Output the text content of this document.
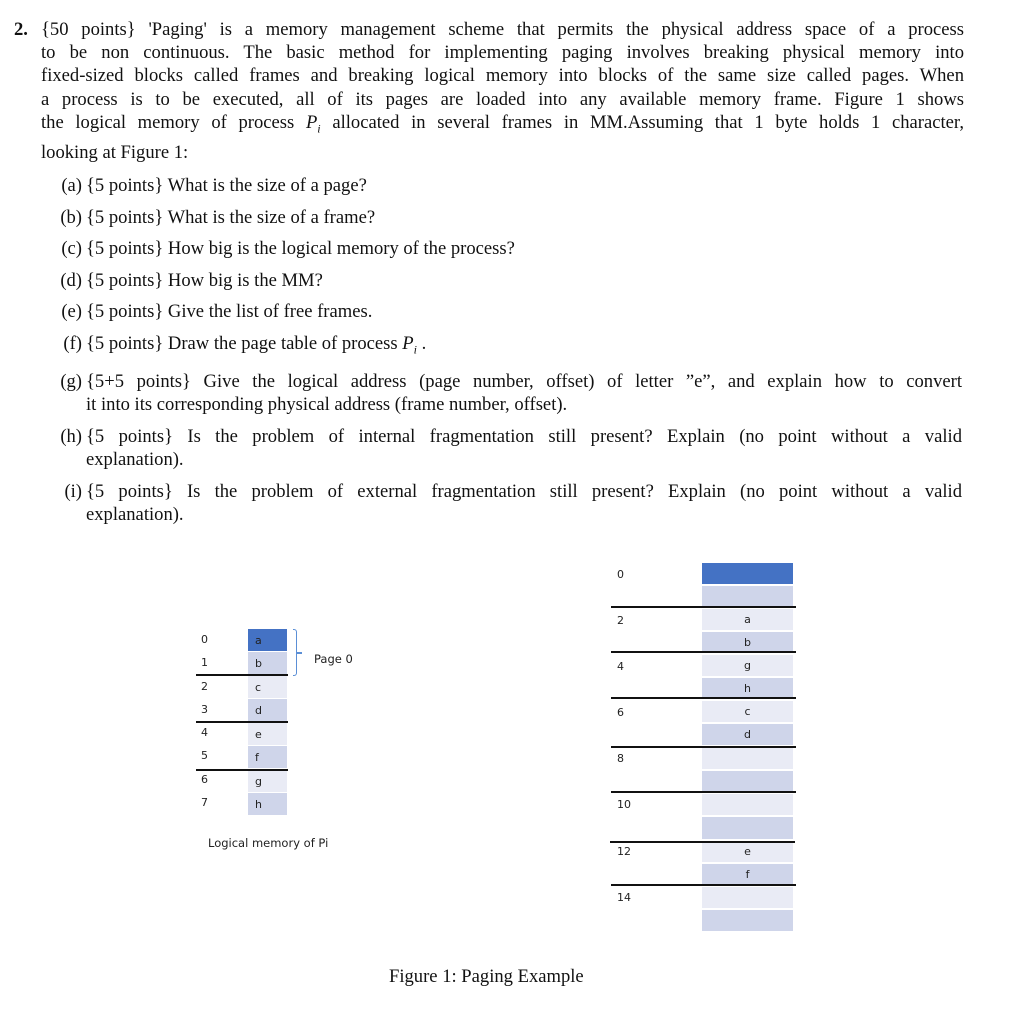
2. {50 points} 'Paging' is a memory management scheme that permits the physical address space of a process
to be non continuous. The basic method for implementing paging involves breaking physical memory into
fixed-sized blocks called frames and breaking logical memory into blocks of the same size called pages. When
a process is to be executed, all of its pages are loaded into any available memory frame. Figure 1 shows
the logical memory of process $P_i$ allocated in several frames in MM.Assuming that 1 byte holds 1 character,
looking at Figure 1:
(a) {5 points} What is the size of a page?
(b) {5 points} What is the size of a frame?
(c) {5 points} How big is the logical memory of the process?
(d) {5 points} How big is the MM?
(e) {5 points} Give the list of free frames.
(f) {5 points} Draw the page table of process $P_i$ .
(g) {5+5 points} Give the logical address (page number, offset) of letter ”e”, and explain how to convert
it into its corresponding physical address (frame number, offset).
(h) {5 points} Is the problem of internal fragmentation still present? Explain (no point without a valid
explanation).
(i) {5 points} Is the problem of external fragmentation still present? Explain (no point without a valid
explanation).
0
1
2
3
4
5
6
7
a
b
c
d
e
f
g
h
Page 0
Logical memory of Pi
0
2
4
6
8
10
12
14
a
b
g
h
c
d
e
f
Figure 1: Paging Example
